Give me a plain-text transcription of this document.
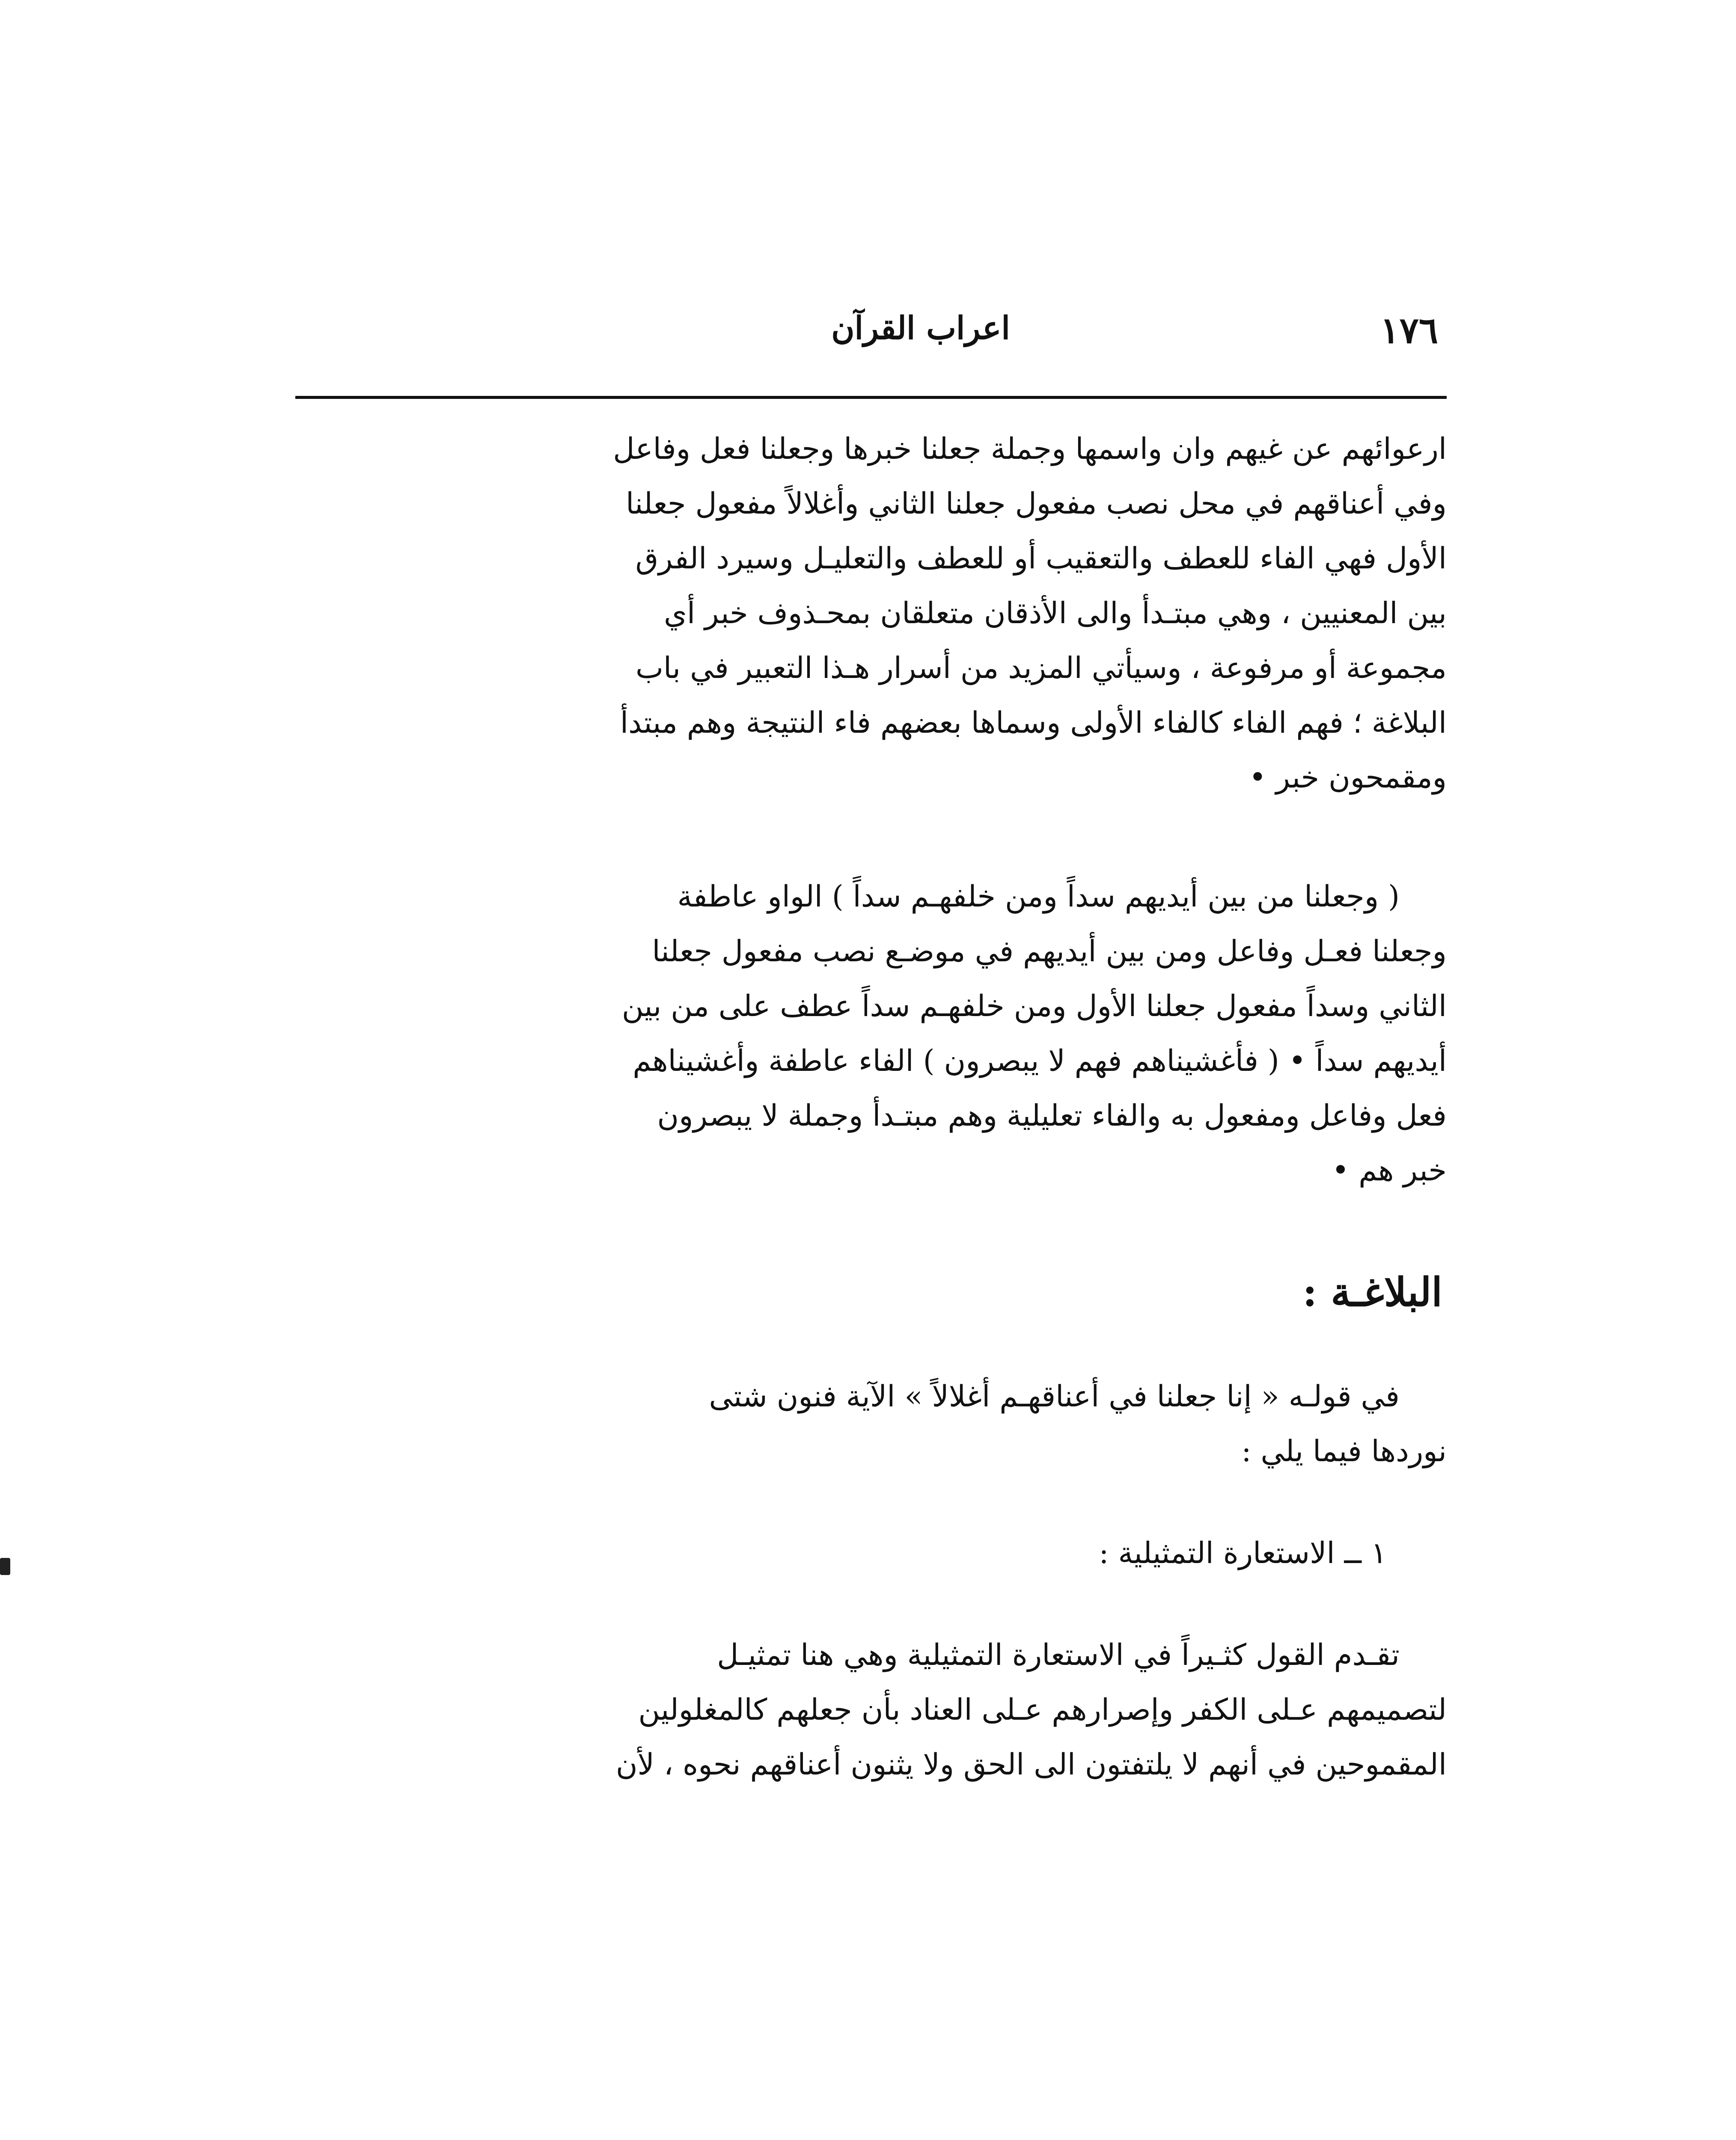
١٧٦
اعراب القرآن

ارعوائهم عن غيهم وان واسمها وجملة جعلنا خبرها وجعلنا فعل وفاعل
وفي أعناقهم في محل نصب مفعول جعلنا الثاني وأغلالاً مفعول جعلنا
الأول فهي الفاء للعطف والتعقيب أو للعطف والتعليـل وسيرد الفرق
بين المعنيين ، وهي مبتـدأ والى الأذقان متعلقان بمحـذوف خبر أي
مجموعة أو مرفوعة ، وسيأتي المزيد من أسرار هـذا التعبير في باب
البلاغة ؛ فهم الفاء كالفاء الأولى وسماها بعضهم فاء النتيجة وهم مبتدأ
ومقمحون خبر •

( وجعلنا من بين أيديهم سداً ومن خلفهـم سداً ) الواو عاطفة
وجعلنا فعـل وفاعل ومن بين أيديهم في موضـع نصب مفعول جعلنا
الثاني وسداً مفعول جعلنا الأول ومن خلفهـم سداً عطف على من بين
أيديهم سداً • ( فأغشيناهم فهم لا يبصرون ) الفاء عاطفة وأغشيناهم
فعل وفاعل ومفعول به والفاء تعليلية وهم مبتـدأ وجملة لا يبصرون
خبر هم •

البلاغـة :

في قولـه « إنا جعلنا في أعناقهـم أغلالاً » الآية فنون شتى
نوردها فيما يلي :

١ ــ الاستعارة التمثيلية :

تقـدم القول كثـيراً في الاستعارة التمثيلية وهي هنا تمثيـل
لتصميمهم عـلى الكفر وإصرارهم عـلى العناد بأن جعلهم كالمغلولين
المقموحين في أنهم لا يلتفتون الى الحق ولا يثنون أعناقهم نحوه ، لأن
